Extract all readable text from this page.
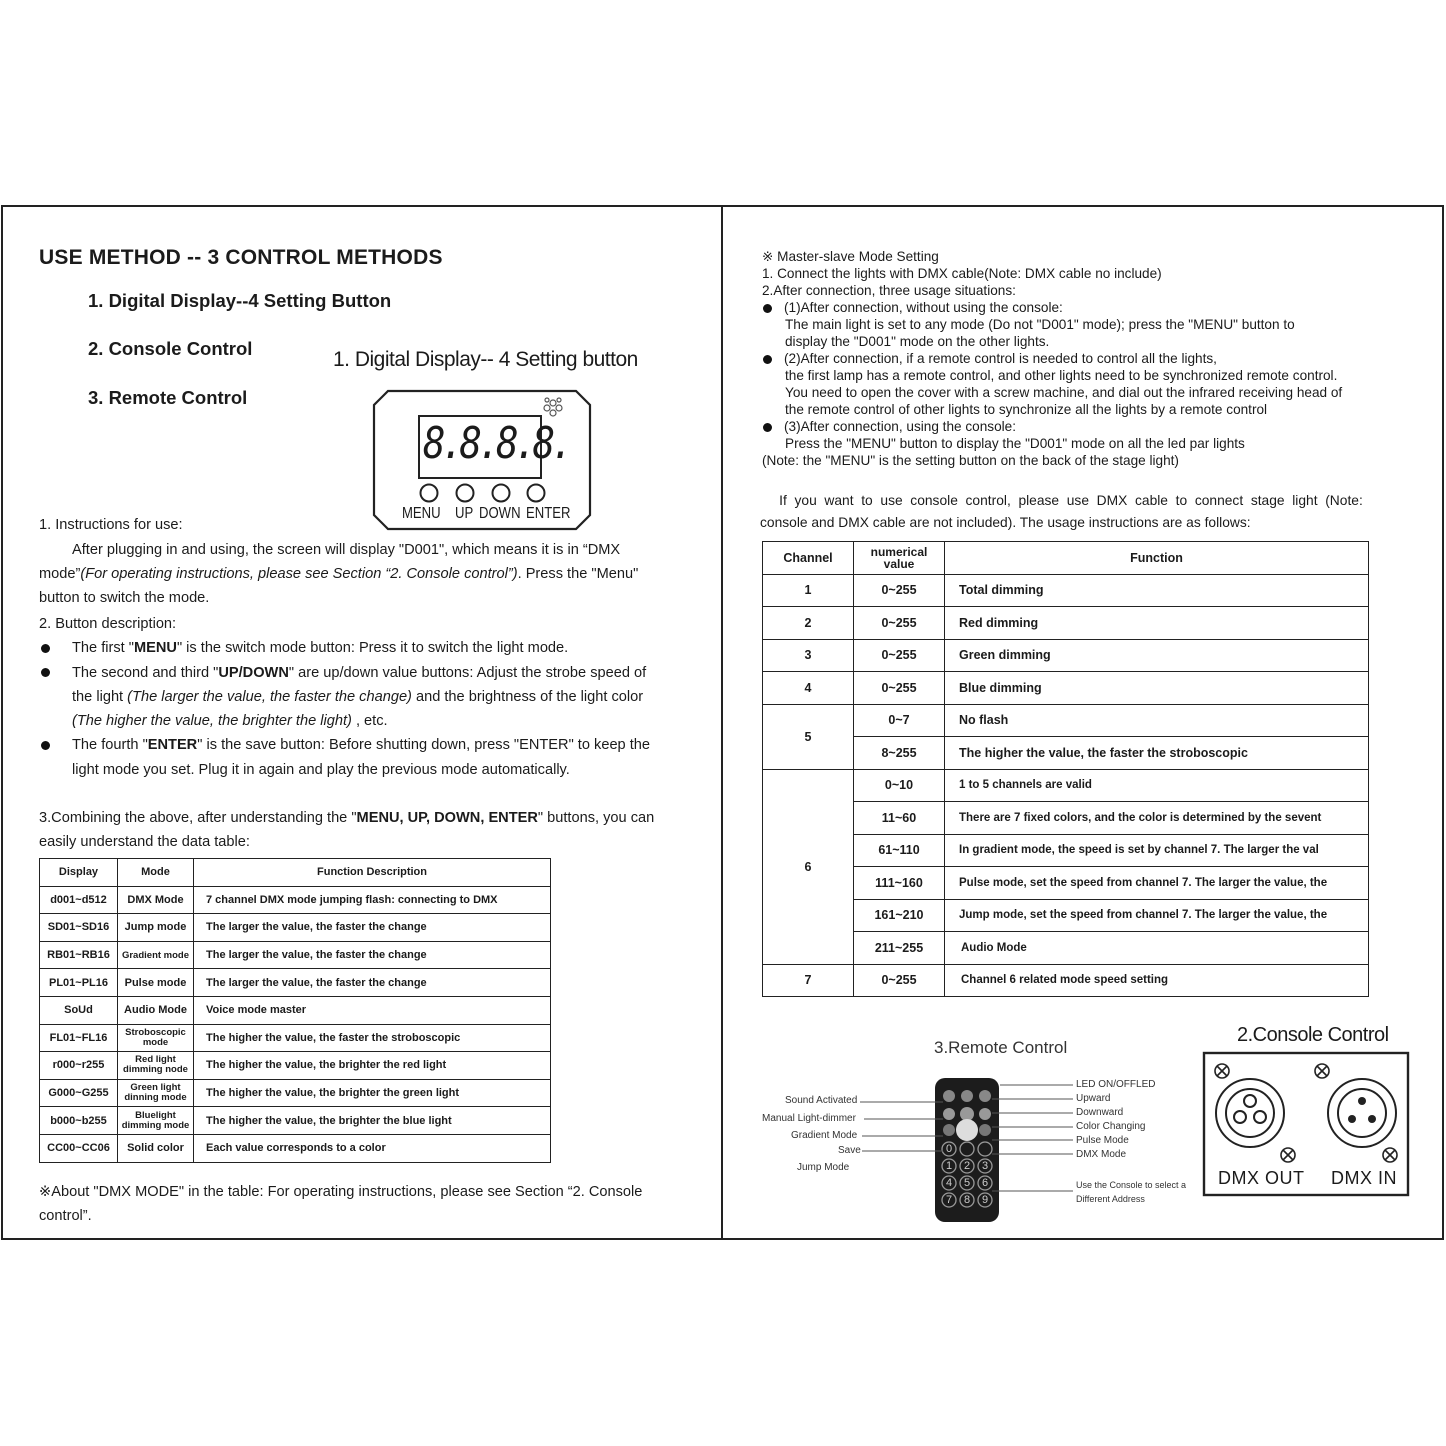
USE METHOD -- 3 CONTROL METHODS
1. Digital Display--4 Setting Button
2. Console Control
3. Remote Control
1. Digital Display-- 4 Setting button
8.8.8.8.
MENU UP DOWN ENTER
1. Instructions for use:
After plugging in and using, the screen will display "D001", which means it is in “DMX
mode”(For operating instructions, please see Section “2. Console control”). Press the "Menu"
button to switch the mode.
2. Button description:
The first "MENU" is the switch mode button: Press it to switch the light mode.
The second and third "UP/DOWN" are up/down value buttons: Adjust the strobe speed of
the light (The larger the value, the faster the change) and the brightness of the light color
(The higher the value, the brighter the light) , etc.
The fourth "ENTER" is the save button: Before shutting down, press "ENTER" to keep the
light mode you set. Plug it in again and play the previous mode automatically.
3.Combining the above, after understanding the "MENU, UP, DOWN, ENTER" buttons, you can
easily understand the data table:
Display	Mode	Function Description
d001~d512	DMX Mode	7 channel DMX mode jumping flash: connecting to DMX
SD01~SD16	Jump mode	The larger the value, the faster the change
RB01~RB16	Gradient mode	The larger the value, the faster the change
PL01~PL16	Pulse mode	The larger the value, the faster the change
SoUd	Audio Mode	Voice mode master
FL01~FL16	Stroboscopic mode	The higher the value, the faster the stroboscopic
r000~r255	Red light dimming node	The higher the value, the brighter the red light
G000~G255	Green light dinning mode	The higher the value, the brighter the green light
b000~b255	Bluelight dimming mode	The higher the value, the brighter the blue light
CC00~CC06	Solid color	Each value corresponds to a color
※About "DMX MODE" in the table: For operating instructions, please see Section “2. Console
control”.
※ Master-slave Mode Setting
1. Connect the lights with DMX cable(Note: DMX cable no include)
2.After connection, three usage situations:
(1)After connection, without using the console:
The main light is set to any mode (Do not "D001" mode); press the "MENU" button to
display the "D001" mode on the other lights.
(2)After connection, if a remote control is needed to control all the lights,
the first lamp has a remote control, and other lights need to be synchronized remote control.
You need to open the cover with a screw machine, and dial out the infrared receiving head of
the remote control of other lights to synchronize all the lights by a remote control
(3)After connection, using the console:
Press the "MENU" button to display the "D001" mode on all the led par lights
(Note: the "MENU" is the setting button on the back of the stage light)
If  you  want  to  use  console  control,  please  use  DMX  cable  to  connect  stage  light  (Note:
console and DMX cable are not included). The usage instructions are as follows:
Channel	numerical value	Function
1	0~255	Total dimming
2	0~255	Red dimming
3	0~255	Green dimming
4	0~255	Blue dimming
5	0~7	No flash
	8~255	The higher the value, the faster the stroboscopic
6	0~10	1 to 5 channels are valid
	11~60	There are 7 fixed colors, and the color is determined by the sevent
	61~110	In gradient mode, the speed is set by channel 7. The larger the val
	111~160	Pulse mode, set the speed from channel 7. The larger the value, the
	161~210	Jump mode, set the speed from channel 7. The larger the value, the
	211~255	Audio Mode
7	0~255	Channel 6 related mode speed setting
3.Remote Control
0
1 2 3
4 5 6
7 8 9
Sound Activated
Manual Light-dimmer
Gradient Mode
Save
Jump Mode
LED ON/OFFLED
Upward
Downward
Color Changing
Pulse Mode
DMX Mode
Use the Console to select a
Different Address
2.Console Control
DMX OUT DMX IN
